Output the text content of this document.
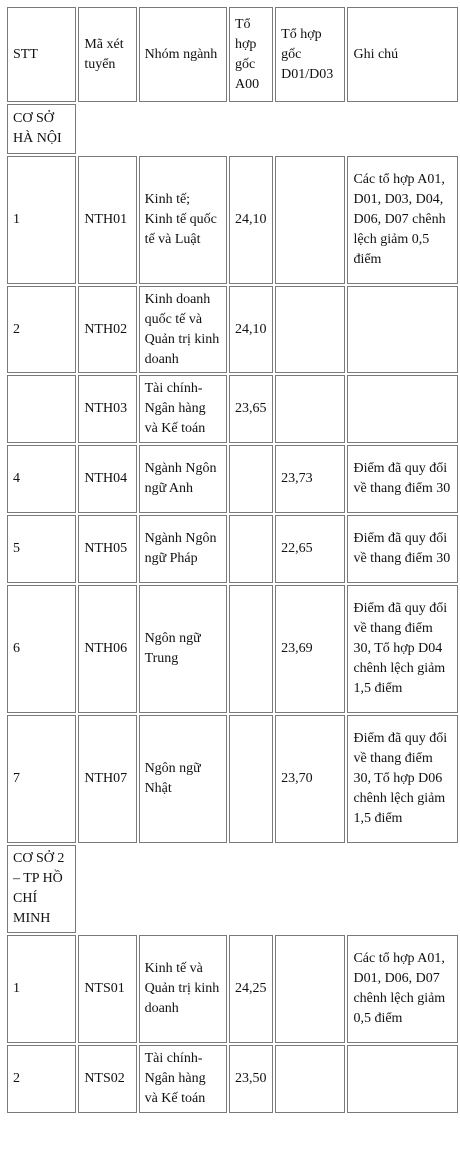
STT	Mã xét tuyển	Nhóm ngành	Tổ hợp gốc A00	Tổ hợp gốc D01/D03	Ghi chú
CƠ SỞ HÀ NỘI					
1	NTH01	Kinh tế; Kinh tế quốc tế và Luật	24,10		Các tổ hợp A01, D01, D03, D04, D06, D07 chênh lệch giảm 0,5 điểm
2	NTH02	Kinh doanh quốc tế và Quản trị kinh doanh	24,10		
	NTH03	Tài chính-Ngân hàng và Kế toán	23,65		
4	NTH04	Ngành Ngôn ngữ Anh		23,73	Điểm đã quy đổi về thang điểm 30
5	NTH05	Ngành Ngôn ngữ Pháp		22,65	Điểm đã quy đổi về thang điểm 30
6	NTH06	Ngôn ngữ Trung		23,69	Điểm đã quy đổi về thang điểm 30, Tổ hợp D04 chênh lệch giảm 1,5 điểm
7	NTH07	Ngôn ngữ Nhật		23,70	Điểm đã quy đổi về thang điểm 30, Tổ hợp D06 chênh lệch giảm 1,5 điểm
CƠ SỞ 2 – TP HỒ CHÍ MINH					
1	NTS01	Kinh tế và Quản trị kinh doanh	24,25		Các tổ hợp A01, D01, D06, D07 chênh lệch giảm 0,5 điểm
2	NTS02	Tài chính-Ngân hàng và Kế toán	23,50		
